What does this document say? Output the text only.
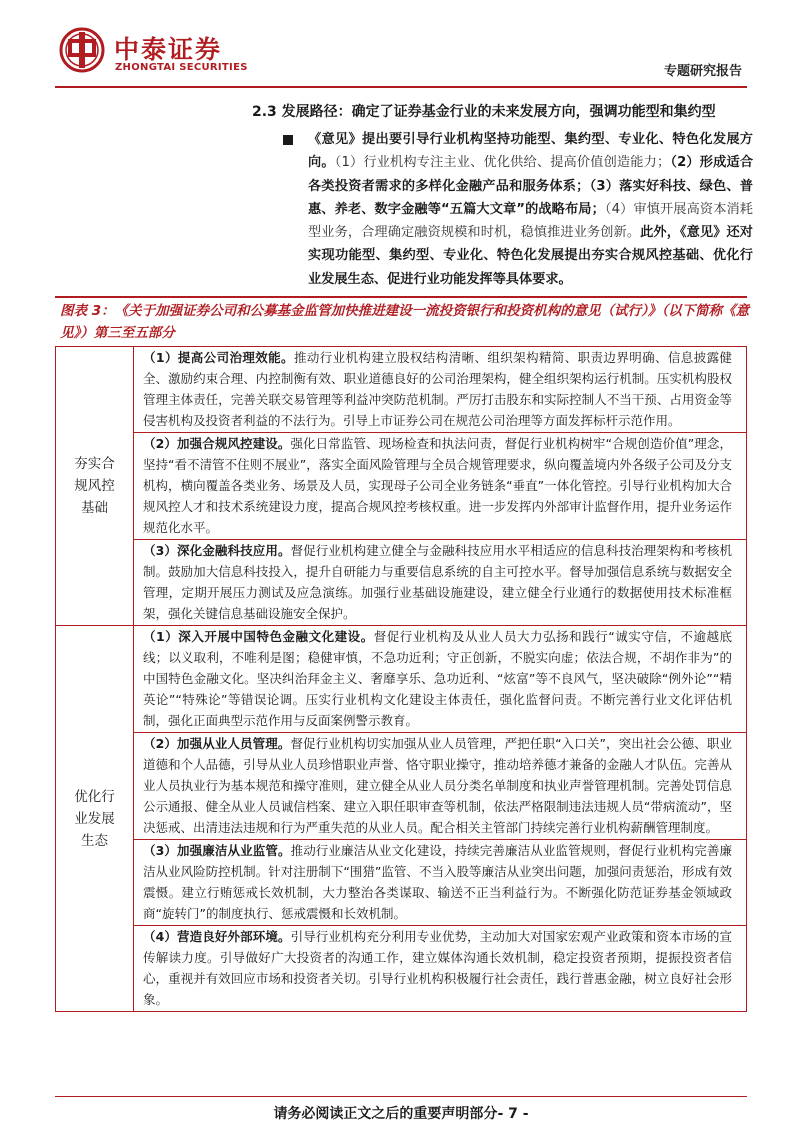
中泰证券
ZHONGTAI SECURITIES	专题研究报告
2.3 发展路径：确定了证券基金行业的未来发展方向，强调功能型和集约型
《意见》提出要引导行业机构坚持功能型、集约型、专业化、特色化发展方向。（1）行业机构专注主业、优化供给、提高价值创造能力；（2）形成适合各类投资者需求的多样化金融产品和服务体系；（3）落实好科技、绿色、普惠、养老、数字金融等“五篇大文章”的战略布局；（4）审慎开展高资本消耗型业务，合理确定融资规模和时机，稳慎推进业务创新。此外，《意见》还对实现功能型、集约型、专业化、特色化发展提出夯实合规风控基础、优化行业发展生态、促进行业功能发挥等具体要求。
图表 3：《关于加强证券公司和公募基金监管加快推进建设一流投资银行和投资机构的意见（试行）》（以下简称《意见》）第三至五部分
夯实合规风控基础	（1）提高公司治理效能。推动行业机构建立股权结构清晰、组织架构精简、职责边界明确、信息披露健全、激励约束合理、内控制衡有效、职业道德良好的公司治理架构，健全组织架构运行机制。压实机构股权管理主体责任，完善关联交易管理等利益冲突防范机制。严厉打击股东和实际控制人不当干预、占用资金等侵害机构及投资者利益的不法行为。引导上市证券公司在规范公司治理等方面发挥标杆示范作用。
（2）加强合规风控建设。强化日常监管、现场检查和执法问责，督促行业机构树牢“合规创造价值”理念，坚持“看不清管不住则不展业”，落实全面风险管理与全员合规管理要求，纵向覆盖境内外各级子公司及分支机构，横向覆盖各类业务、场景及人员，实现母子公司全业务链条“垂直”一体化管控。引导行业机构加大合规风控人才和技术系统建设力度，提高合规风控考核权重。进一步发挥内外部审计监督作用，提升业务运作规范化水平。
（3）深化金融科技应用。督促行业机构建立健全与金融科技应用水平相适应的信息科技治理架构和考核机制。鼓励加大信息科技投入，提升自研能力与重要信息系统的自主可控水平。督导加强信息系统与数据安全管理，定期开展压力测试及应急演练。加强行业基础设施建设，建立健全行业通行的数据使用技术标准框架，强化关键信息基础设施安全保护。

优化行业发展生态	（1）深入开展中国特色金融文化建设。督促行业机构及从业人员大力弘扬和践行“诚实守信，不逾越底线；以义取利，不唯利是图；稳健审慎，不急功近利；守正创新，不脱实向虚；依法合规，不胡作非为”的中国特色金融文化。坚决纠治拜金主义、奢靡享乐、急功近利、“炫富”等不良风气，坚决破除“例外论”“精英论”“特殊论”等错误论调。压实行业机构文化建设主体责任，强化监督问责。不断完善行业文化评估机制，强化正面典型示范作用与反面案例警示教育。
（2）加强从业人员管理。督促行业机构切实加强从业人员管理，严把任职“入口关”，突出社会公德、职业道德和个人品德，引导从业人员珍惜职业声誉、恪守职业操守，推动培养德才兼备的金融人才队伍。完善从业人员执业行为基本规范和操守准则，建立健全从业人员分类名单制度和执业声誉管理机制。完善处罚信息公示通报、健全从业人员诚信档案、建立入职任职审查等机制，依法严格限制违法违规人员“带病流动”，坚决惩戒、出清违法违规和行为严重失范的从业人员。配合相关主管部门持续完善行业机构薪酬管理制度。
（3）加强廉洁从业监管。推动行业廉洁从业文化建设，持续完善廉洁从业监管规则，督促行业机构完善廉洁从业风险防控机制。针对注册制下“围猎”监管、不当入股等廉洁从业突出问题，加强问责惩治，形成有效震慑。建立行贿惩戒长效机制，大力整治各类谋取、输送不正当利益行为。不断强化防范证券基金领域政商“旋转门”的制度执行、惩戒震慑和长效机制。
（4）营造良好外部环境。引导行业机构充分利用专业优势，主动加大对国家宏观产业政策和资本市场的宣传解读力度。引导做好广大投资者的沟通工作，建立媒体沟通长效机制，稳定投资者预期，提振投资者信心，重视并有效回应市场和投资者关切。引导行业机构积极履行社会责任，践行普惠金融，树立良好社会形象。
请务必阅读正文之后的重要声明部分- 7 -
